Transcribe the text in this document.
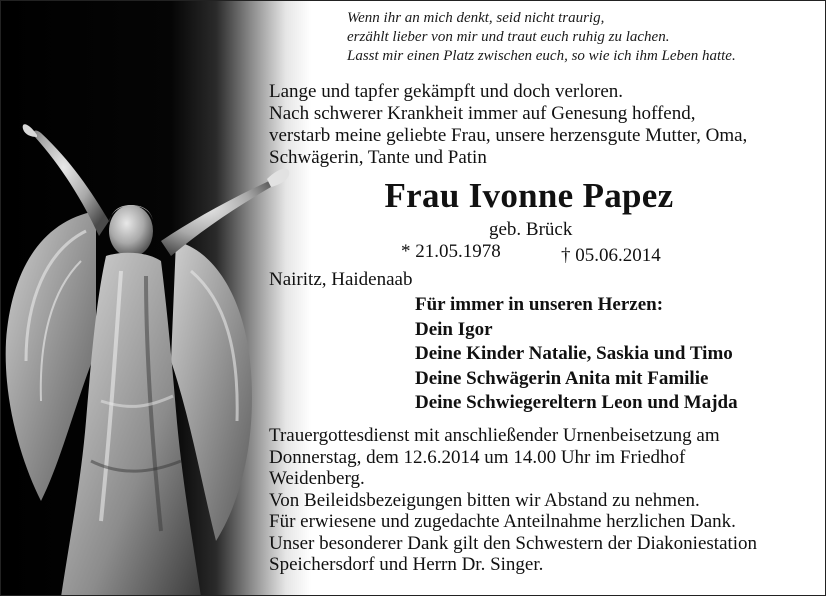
Wenn ihr an mich denkt, seid nicht traurig,
erzählt lieber von mir und traut euch ruhig zu lachen.
Lasst mir einen Platz zwischen euch, so wie ich ihm Leben hatte.
Lange und tapfer gekämpft und doch verloren.
Nach schwerer Krankheit immer auf Genesung hoffend,
verstarb meine geliebte Frau, unsere herzensgute Mutter, Oma,
Schwägerin, Tante und Patin
Frau Ivonne Papez
geb. Brück
* 21.05.1978	† 05.06.2014
Nairitz, Haidenaab
Für immer in unseren Herzen:
Dein Igor
Deine Kinder Natalie, Saskia und Timo
Deine Schwägerin Anita mit Familie
Deine Schwiegereltern Leon und Majda
Trauergottesdienst mit anschließender Urnenbeisetzung am
Donnerstag, dem 12.6.2014 um 14.00 Uhr im Friedhof
Weidenberg.
Von Beileidsbezeigungen bitten wir Abstand zu nehmen.
Für erwiesene und zugedachte Anteilnahme herzlichen Dank.
Unser besonderer Dank gilt den Schwestern der Diakoniestation
Speichersdorf und Herrn Dr. Singer.
